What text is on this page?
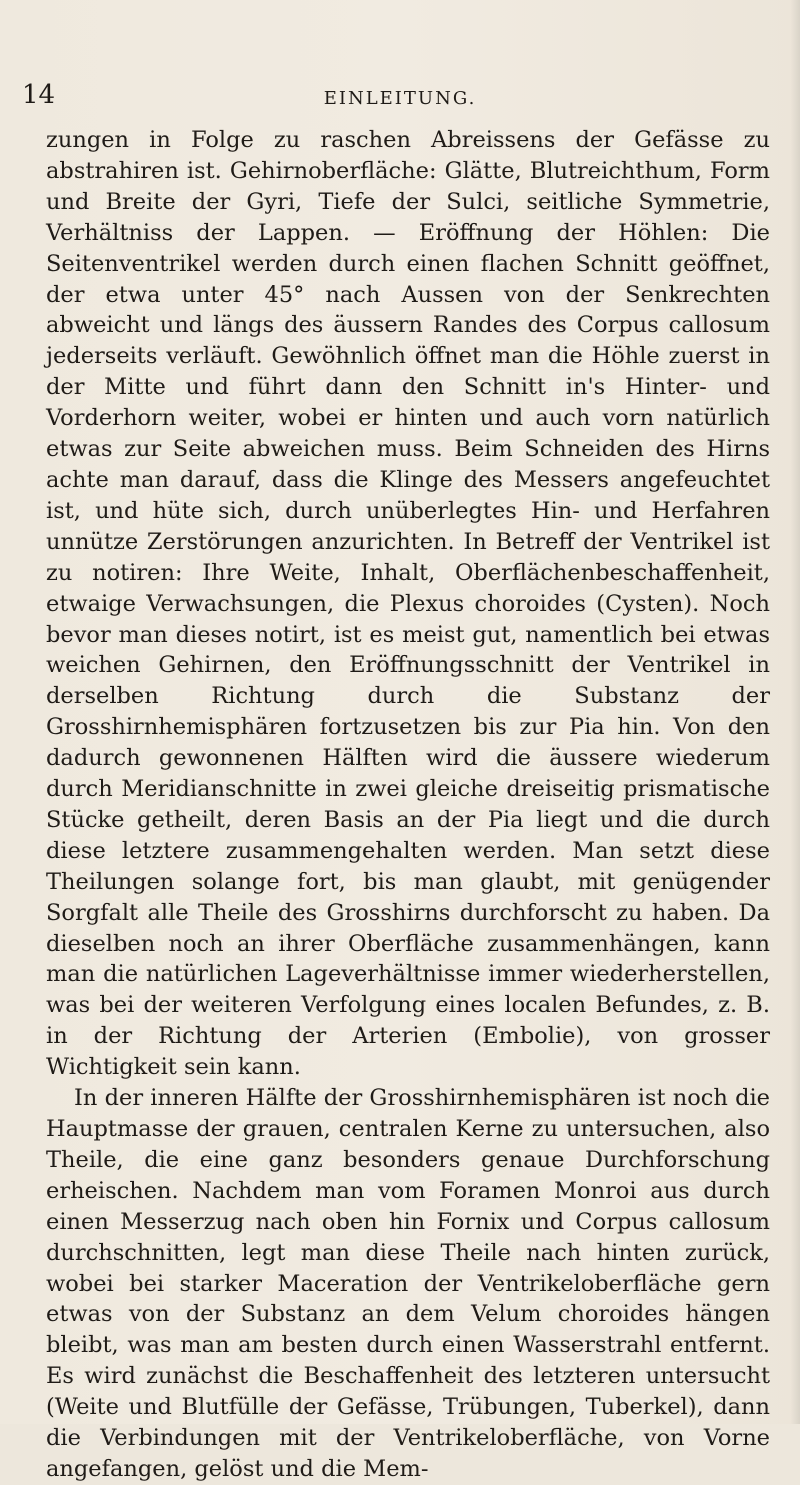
14	EINLEITUNG.

zungen in Folge zu raschen Abreissens der Gefässe zu abstrahiren ist. Gehirnoberfläche: Glätte, Blutreichthum, Form und Breite der Gyri, Tiefe der Sulci, seitliche Symmetrie, Verhältniss der Lappen. — Eröffnung der Höhlen: Die Seitenventrikel werden durch einen flachen Schnitt geöffnet, der etwa unter 45° nach Aussen von der Senkrechten abweicht und längs des äussern Randes des Corpus callosum jederseits verläuft. Gewöhnlich öffnet man die Höhle zuerst in der Mitte und führt dann den Schnitt in's Hinter- und Vorderhorn weiter, wobei er hinten und auch vorn natürlich etwas zur Seite abweichen muss. Beim Schneiden des Hirns achte man darauf, dass die Klinge des Messers angefeuchtet ist, und hüte sich, durch unüberlegtes Hin- und Herfahren unnütze Zerstörungen anzurichten. In Betreff der Ventrikel ist zu notiren: Ihre Weite, Inhalt, Oberflächenbeschaffenheit, etwaige Verwachsungen, die Plexus choroides (Cysten). Noch bevor man dieses notirt, ist es meist gut, namentlich bei etwas weichen Gehirnen, den Eröffnungsschnitt der Ventrikel in derselben Richtung durch die Substanz der Grosshirnhemisphären fortzusetzen bis zur Pia hin. Von den dadurch gewonnenen Hälften wird die äussere wiederum durch Meridianschnitte in zwei gleiche dreiseitig prismatische Stücke getheilt, deren Basis an der Pia liegt und die durch diese letztere zusammengehalten werden. Man setzt diese Theilungen solange fort, bis man glaubt, mit genügender Sorgfalt alle Theile des Grosshirns durchforscht zu haben. Da dieselben noch an ihrer Oberfläche zusammenhängen, kann man die natürlichen Lageverhältnisse immer wiederherstellen, was bei der weiteren Verfolgung eines localen Befundes, z. B. in der Richtung der Arterien (Embolie), von grosser Wichtigkeit sein kann.

In der inneren Hälfte der Grosshirnhemisphären ist noch die Hauptmasse der grauen, centralen Kerne zu untersuchen, also Theile, die eine ganz besonders genaue Durchforschung erheischen. Nachdem man vom Foramen Monroi aus durch einen Messerzug nach oben hin Fornix und Corpus callosum durchschnitten, legt man diese Theile nach hinten zurück, wobei bei starker Maceration der Ventrikeloberfläche gern etwas von der Substanz an dem Velum choroides hängen bleibt, was man am besten durch einen Wasserstrahl entfernt. Es wird zunächst die Beschaffenheit des letzteren untersucht (Weite und Blutfülle der Gefässe, Trübungen, Tuberkel), dann die Verbindungen mit der Ventrikeloberfläche, von Vorne angefangen, gelöst und die Mem-
